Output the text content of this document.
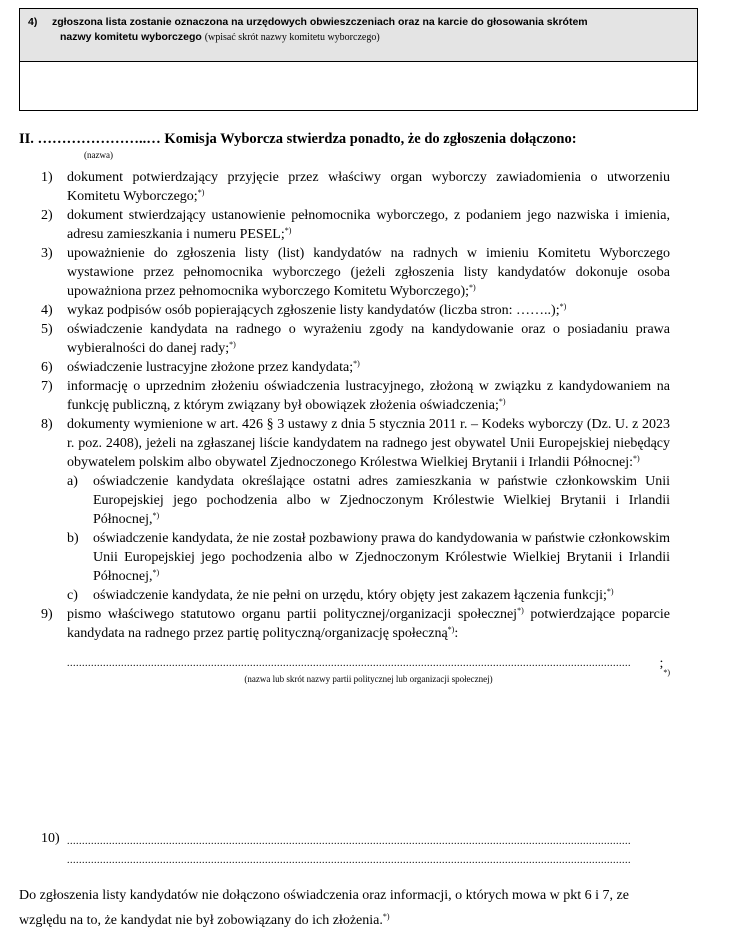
4) zgłoszona lista zostanie oznaczona na urzędowych obwieszczeniach oraz na karcie do głosowania skrótem
nazwy komitetu wyborczego (wpisać skrót nazwy komitetu wyborczego)
II. …………………..… Komisja Wyborcza stwierdza ponadto, że do zgłoszenia dołączono:
(nazwa)
1) dokument potwierdzający przyjęcie przez właściwy organ wyborczy zawiadomienia o utworzeniu Komitetu Wyborczego;*)
2) dokument stwierdzający ustanowienie pełnomocnika wyborczego, z podaniem jego nazwiska i imienia, adresu zamieszkania i numeru PESEL;*)
3) upoważnienie do zgłoszenia listy (list) kandydatów na radnych w imieniu Komitetu Wyborczego wystawione przez pełnomocnika wyborczego (jeżeli zgłoszenia listy kandydatów dokonuje osoba upoważniona przez pełnomocnika wyborczego Komitetu Wyborczego);*)
4) wykaz podpisów osób popierających zgłoszenie listy kandydatów (liczba stron: ……..);*)
5) oświadczenie kandydata na radnego o wyrażeniu zgody na kandydowanie oraz o posiadaniu prawa wybieralności do danej rady;*)
6) oświadczenie lustracyjne złożone przez kandydata;*)
7) informację o uprzednim złożeniu oświadczenia lustracyjnego, złożoną w związku z kandydowaniem na funkcję publiczną, z którym związany był obowiązek złożenia oświadczenia;*)
8) dokumenty wymienione w art. 426 § 3 ustawy z dnia 5 stycznia 2011 r. – Kodeks wyborczy (Dz. U. z 2023 r. poz. 2408), jeżeli na zgłaszanej liście kandydatem na radnego jest obywatel Unii Europejskiej niebędący obywatelem polskim albo obywatel Zjednoczonego Królestwa Wielkiej Brytanii i Irlandii Północnej:*)
a) oświadczenie kandydata określające ostatni adres zamieszkania w państwie członkowskim Unii Europejskiej jego pochodzenia albo w Zjednoczonym Królestwie Wielkiej Brytanii i Irlandii Północnej,*)
b) oświadczenie kandydata, że nie został pozbawiony prawa do kandydowania w państwie członkowskim Unii Europejskiej jego pochodzenia albo w Zjednoczonym Królestwie Wielkiej Brytanii i Irlandii Północnej,*)
c) oświadczenie kandydata, że nie pełni on urzędu, który objęty jest zakazem łączenia funkcji;*)
9) pismo właściwego statutowo organu partii politycznej/organizacji społecznej*) potwierdzające poparcie kandydata na radnego przez partię polityczną/organizację społeczną*):
............................................................................................................................................................................................	;
*)
(nazwa lub skrót nazwy partii politycznej lub organizacji społecznej)
10) ............................................................................................................................................................................................
............................................................................................................................................................................................
Do zgłoszenia listy kandydatów nie dołączono oświadczenia oraz informacji, o których mowa w pkt 6 i 7, ze względu na to, że kandydat nie był zobowiązany do ich złożenia.*)
